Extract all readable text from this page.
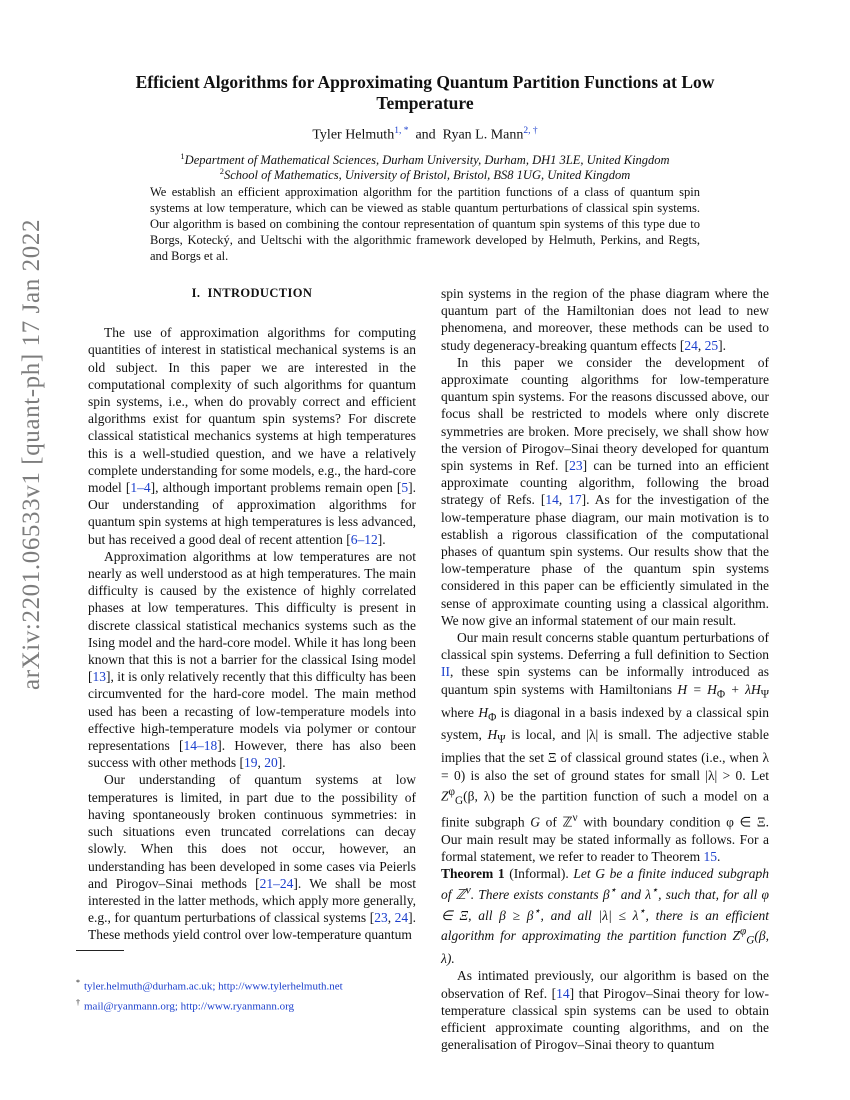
arXiv:2201.06533v1 [quant-ph] 17 Jan 2022
Efficient Algorithms for Approximating Quantum Partition Functions at Low
Temperature
Tyler Helmuth$^{1, *}$ and Ryan L. Mann$^{2, \dagger}$
$^1$Department of Mathematical Sciences, Durham University, Durham, DH1 3LE, United Kingdom
$^2$School of Mathematics, University of Bristol, Bristol, BS8 1UG, United Kingdom
We establish an efficient approximation algorithm for the partition functions of a class of quantum spin systems at low temperature, which can be viewed as stable quantum perturbations of classical spin systems. Our algorithm is based on combining the contour representation of quantum spin systems of this type due to Borgs, Kotecký, and Ueltschi with the algorithmic framework developed by Helmuth, Perkins, and Regts, and Borgs et al.
I. INTRODUCTION

The use of approximation algorithms for computing quantities of interest in statistical mechanical systems is an old subject. In this paper we are interested in the computational complexity of such algorithms for quantum spin systems, i.e., when do provably correct and efficient algorithms exist for quantum spin systems? For discrete classical statistical mechanics systems at high temperatures this is a well-studied question, and we have a relatively complete understanding for some models, e.g., the hard-core model [1–4], although important problems remain open [5]. Our understanding of approximation algorithms for quantum spin systems at high temperatures is less advanced, but has received a good deal of recent attention [6–12].

Approximation algorithms at low temperatures are not nearly as well understood as at high temperatures. The main difficulty is caused by the existence of highly correlated phases at low temperatures. This difficulty is present in discrete classical statistical mechanics systems such as the Ising model and the hard-core model. While it has long been known that this is not a barrier for the classical Ising model [13], it is only relatively recently that this difficulty has been circumvented for the hard-core model. The main method used has been a recasting of low-temperature models into effective high-temperature models via polymer or contour representations [14–18]. However, there has also been success with other methods [19, 20].

Our understanding of quantum systems at low temperatures is limited, in part due to the possibility of having spontaneously broken continuous symmetries: in such situations even truncated correlations can decay slowly. When this does not occur, however, an understanding has been developed in some cases via Peierls and Pirogov–Sinai methods [21–24]. We shall be most interested in the latter methods, which apply more generally, e.g., for quantum perturbations of classical systems [23, 24]. These methods yield control over low-temperature quantum

spin systems in the region of the phase diagram where the quantum part of the Hamiltonian does not lead to new phenomena, and moreover, these methods can be used to study degeneracy-breaking quantum effects [24, 25].

In this paper we consider the development of approximate counting algorithms for low-temperature quantum spin systems. For the reasons discussed above, our focus shall be restricted to models where only discrete symmetries are broken. More precisely, we shall show how the version of Pirogov–Sinai theory developed for quantum spin systems in Ref. [23] can be turned into an efficient approximate counting algorithm, following the broad strategy of Refs. [14, 17]. As for the investigation of the low-temperature phase diagram, our main motivation is to establish a rigorous classification of the computational phases of quantum spin systems. Our results show that the low-temperature phase of the quantum spin systems considered in this paper can be efficiently simulated in the sense of approximate counting using a classical algorithm. We now give an informal statement of our main result.

Our main result concerns stable quantum perturbations of classical spin systems. Deferring a full definition to Section II, these spin systems can be informally introduced as quantum spin systems with Hamiltonians $H = H_\Phi + \lambda H_\Psi$ where $H_\Phi$ is diagonal in a basis indexed by a classical spin system, $H_\Psi$ is local, and |λ| is small. The adjective stable implies that the set Ξ of classical ground states (i.e., when λ = 0) is also the set of ground states for small |λ| > 0. Let $Z^\varphi_G(\beta$, λ) be the partition function of such a model on a finite subgraph G of ℤ$^\nu$ with boundary condition φ ∈ Ξ. Our main result may be stated informally as follows. For a formal statement, we refer to reader to Theorem 15.

Theorem 1 (Informal). Let G be a finite induced subgraph of ℤ$^\nu$. There exists constants β⋆ and λ⋆, such that, for all φ ∈ Ξ, all β ≥ β⋆, and all |λ| ≤ λ⋆, there is an efficient algorithm for approximating the partition function $Z^\varphi_G(\beta$, λ).

As intimated previously, our algorithm is based on the observation of Ref. [14] that Pirogov–Sinai theory for low-temperature classical spin systems can be used to obtain efficient approximate counting algorithms, and on the generalisation of Pirogov–Sinai theory to quantum

* tyler.helmuth@durham.ac.uk; http://www.tylerhelmuth.net
† mail@ryanmann.org; http://www.ryanmann.org
